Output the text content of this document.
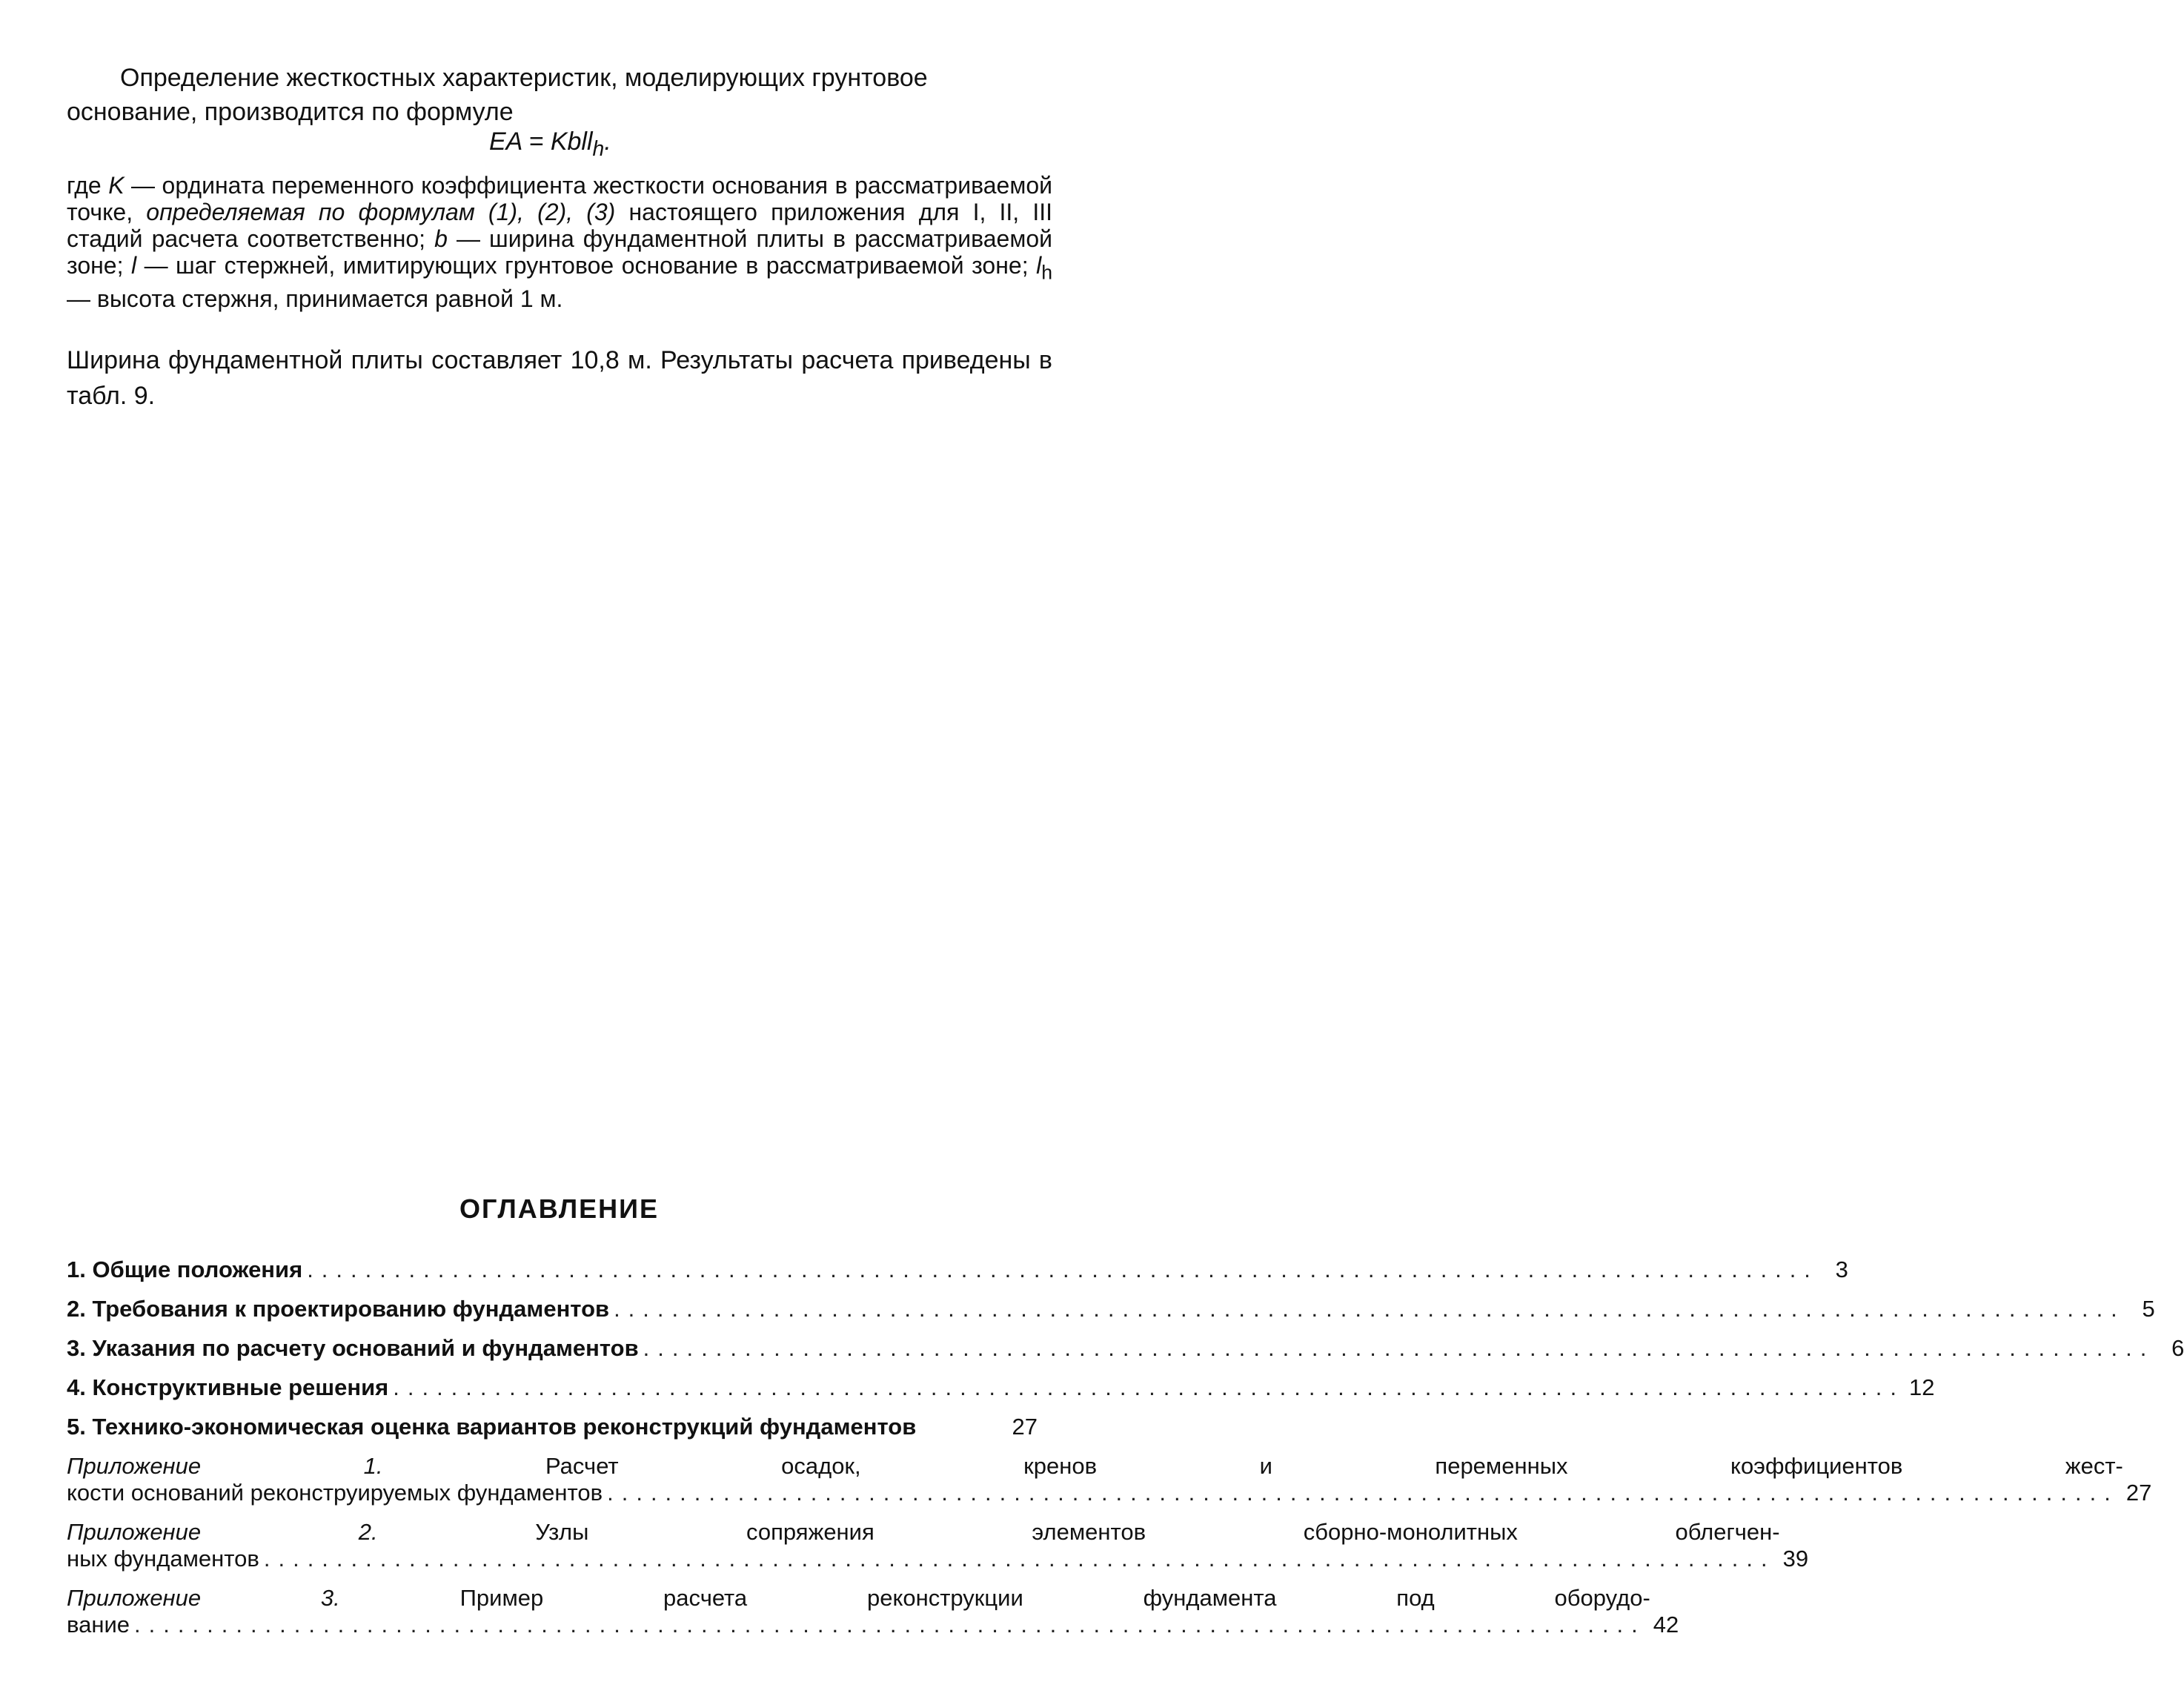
Определение жесткостных характеристик, моделирующих грунтовое основание, производится по формуле

EA = Kbll$_h$.

где K — ордината переменного коэффициента жесткости основания в рассматриваемой точке, определяемая по формулам (1), (2), (3) настоящего приложения для I, II, III стадий расчета соответственно; b — ширина фундаментной плиты в рассматриваемой зоне; l — шаг стержней, имитирующих грунтовое основание в рассматриваемой зоне; $l_h$ — высота стержня, принимается равной 1 м.

Ширина фундаментной плиты составляет 10,8 м. Результаты расчета приведены в табл. 9.

ОГЛАВЛЕНИЕ
1. Общие положения ........................................................................................................ 3
2. Требования к проектированию фундаментов ........................................................................................................ 5
3. Указания по расчету оснований и фундаментов ........................................................................................................ 6
4. Конструктивные решения ........................................................................................................ 12
5. Технико-экономическая оценка вариантов реконструкций фундаментов	27
Приложение 1. Расчет осадок, кренов и переменных коэффициентов жест-
кости оснований реконструируемых фундаментов ........................................................................................................ 27
Приложение 2. Узлы сопряжения элементов сборно-монолитных облегчен-
ных фундаментов ........................................................................................................ 39
Приложение 3. Пример расчета реконструкции фундамента под оборудо-
вание ........................................................................................................ 42
